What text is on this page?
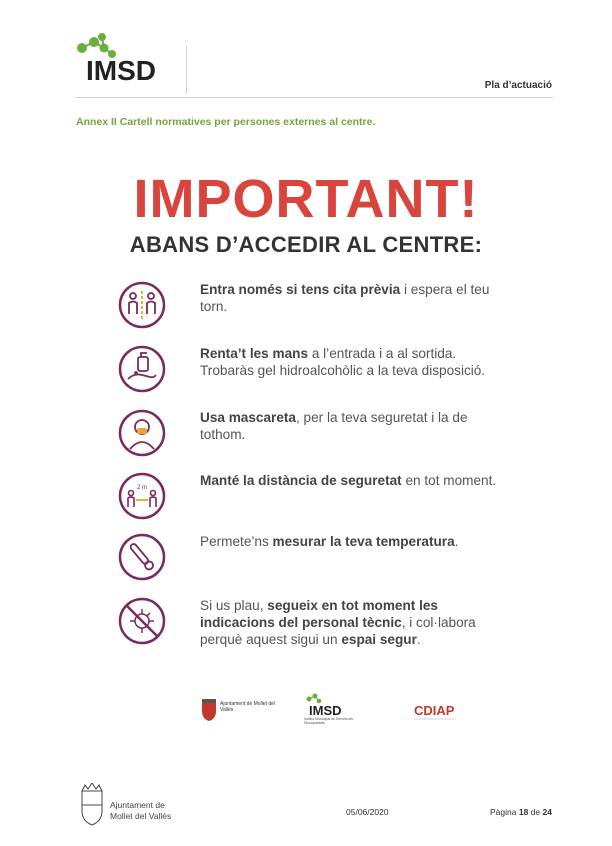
IMSD	Pla d’actuació
Annex II Cartell normatives per persones externes al centre.
IMPORTANT!
ABANS D’ACCEDIR AL CENTRE:
Entra només si tens cita prèvia i espera el teu torn.
Renta’t les mans a l’entrada i a al sortida. Trobaràs gel hidroalcohòlic a la teva disposició.
Usa mascareta, per la teva seguretat i la de tothom.
2 m	Manté la distància de seguretat en tot moment.
Permete’ns mesurar la teva temperatura.
Si us plau, segueix en tot moment les indicacions del personal tècnic, i col·labora perquè aquest sigui un espai segur.
Ajuntament de Mollet del Vallès	IMSD
Institut Municipal de Serveis als Discapacitats
CDIAP
Ajuntament de
Mollet del Vallès	05/06/2020	Pàgina 18 de 24
